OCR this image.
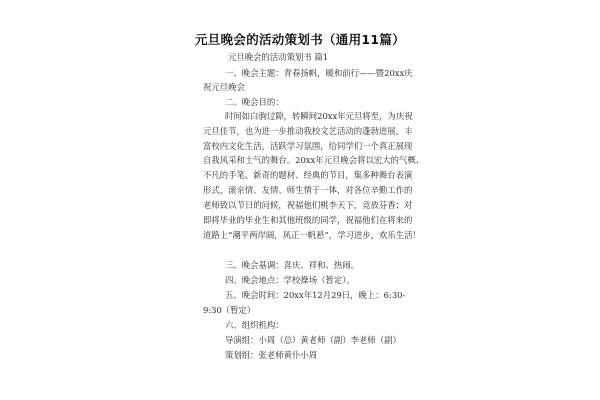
元旦晚会的活动策划书（通用11篇）
元旦晚会的活动策划书 篇1
一、晚会主题：青春扬帆，暖和前行——暨20xx庆
祝元旦晚会
二、晚会目的：
时间如白驹过隙，转瞬间20xx年元旦将至，为庆祝
元旦佳节，也为进一步推动我校文艺活动的蓬勃进展，丰
富校内文化生活，活跃学习氛围，给同学们一个真正展现
自我风采和士气的舞台。20xx年元旦晚会将以宏大的气概、
不凡的手笔、新奇的题材、经典的节目，集多种舞台表演
形式，滚亲情、友情、师生情于一体，对各位辛勤工作的
老师致以节日的问候，祝福他们桃李天下，竞放芬香；对
即将毕业的毕业生和其他班级的同学，祝福他们在将来的
道路上“潮平两岸阔，风正一帆悬”，学习进步，欢乐生活！
三、晚会基调：喜庆、祥和、热闹。
四、晚会地点：学校操场（暂定）。
五、晚会时间：20xx年12月29日，晚上：6:30-
9:30（暂定）
六、组织机构：
导演组：小周（总）黄老师（副）李老师（副）
策划组：张老师黄仆小周
